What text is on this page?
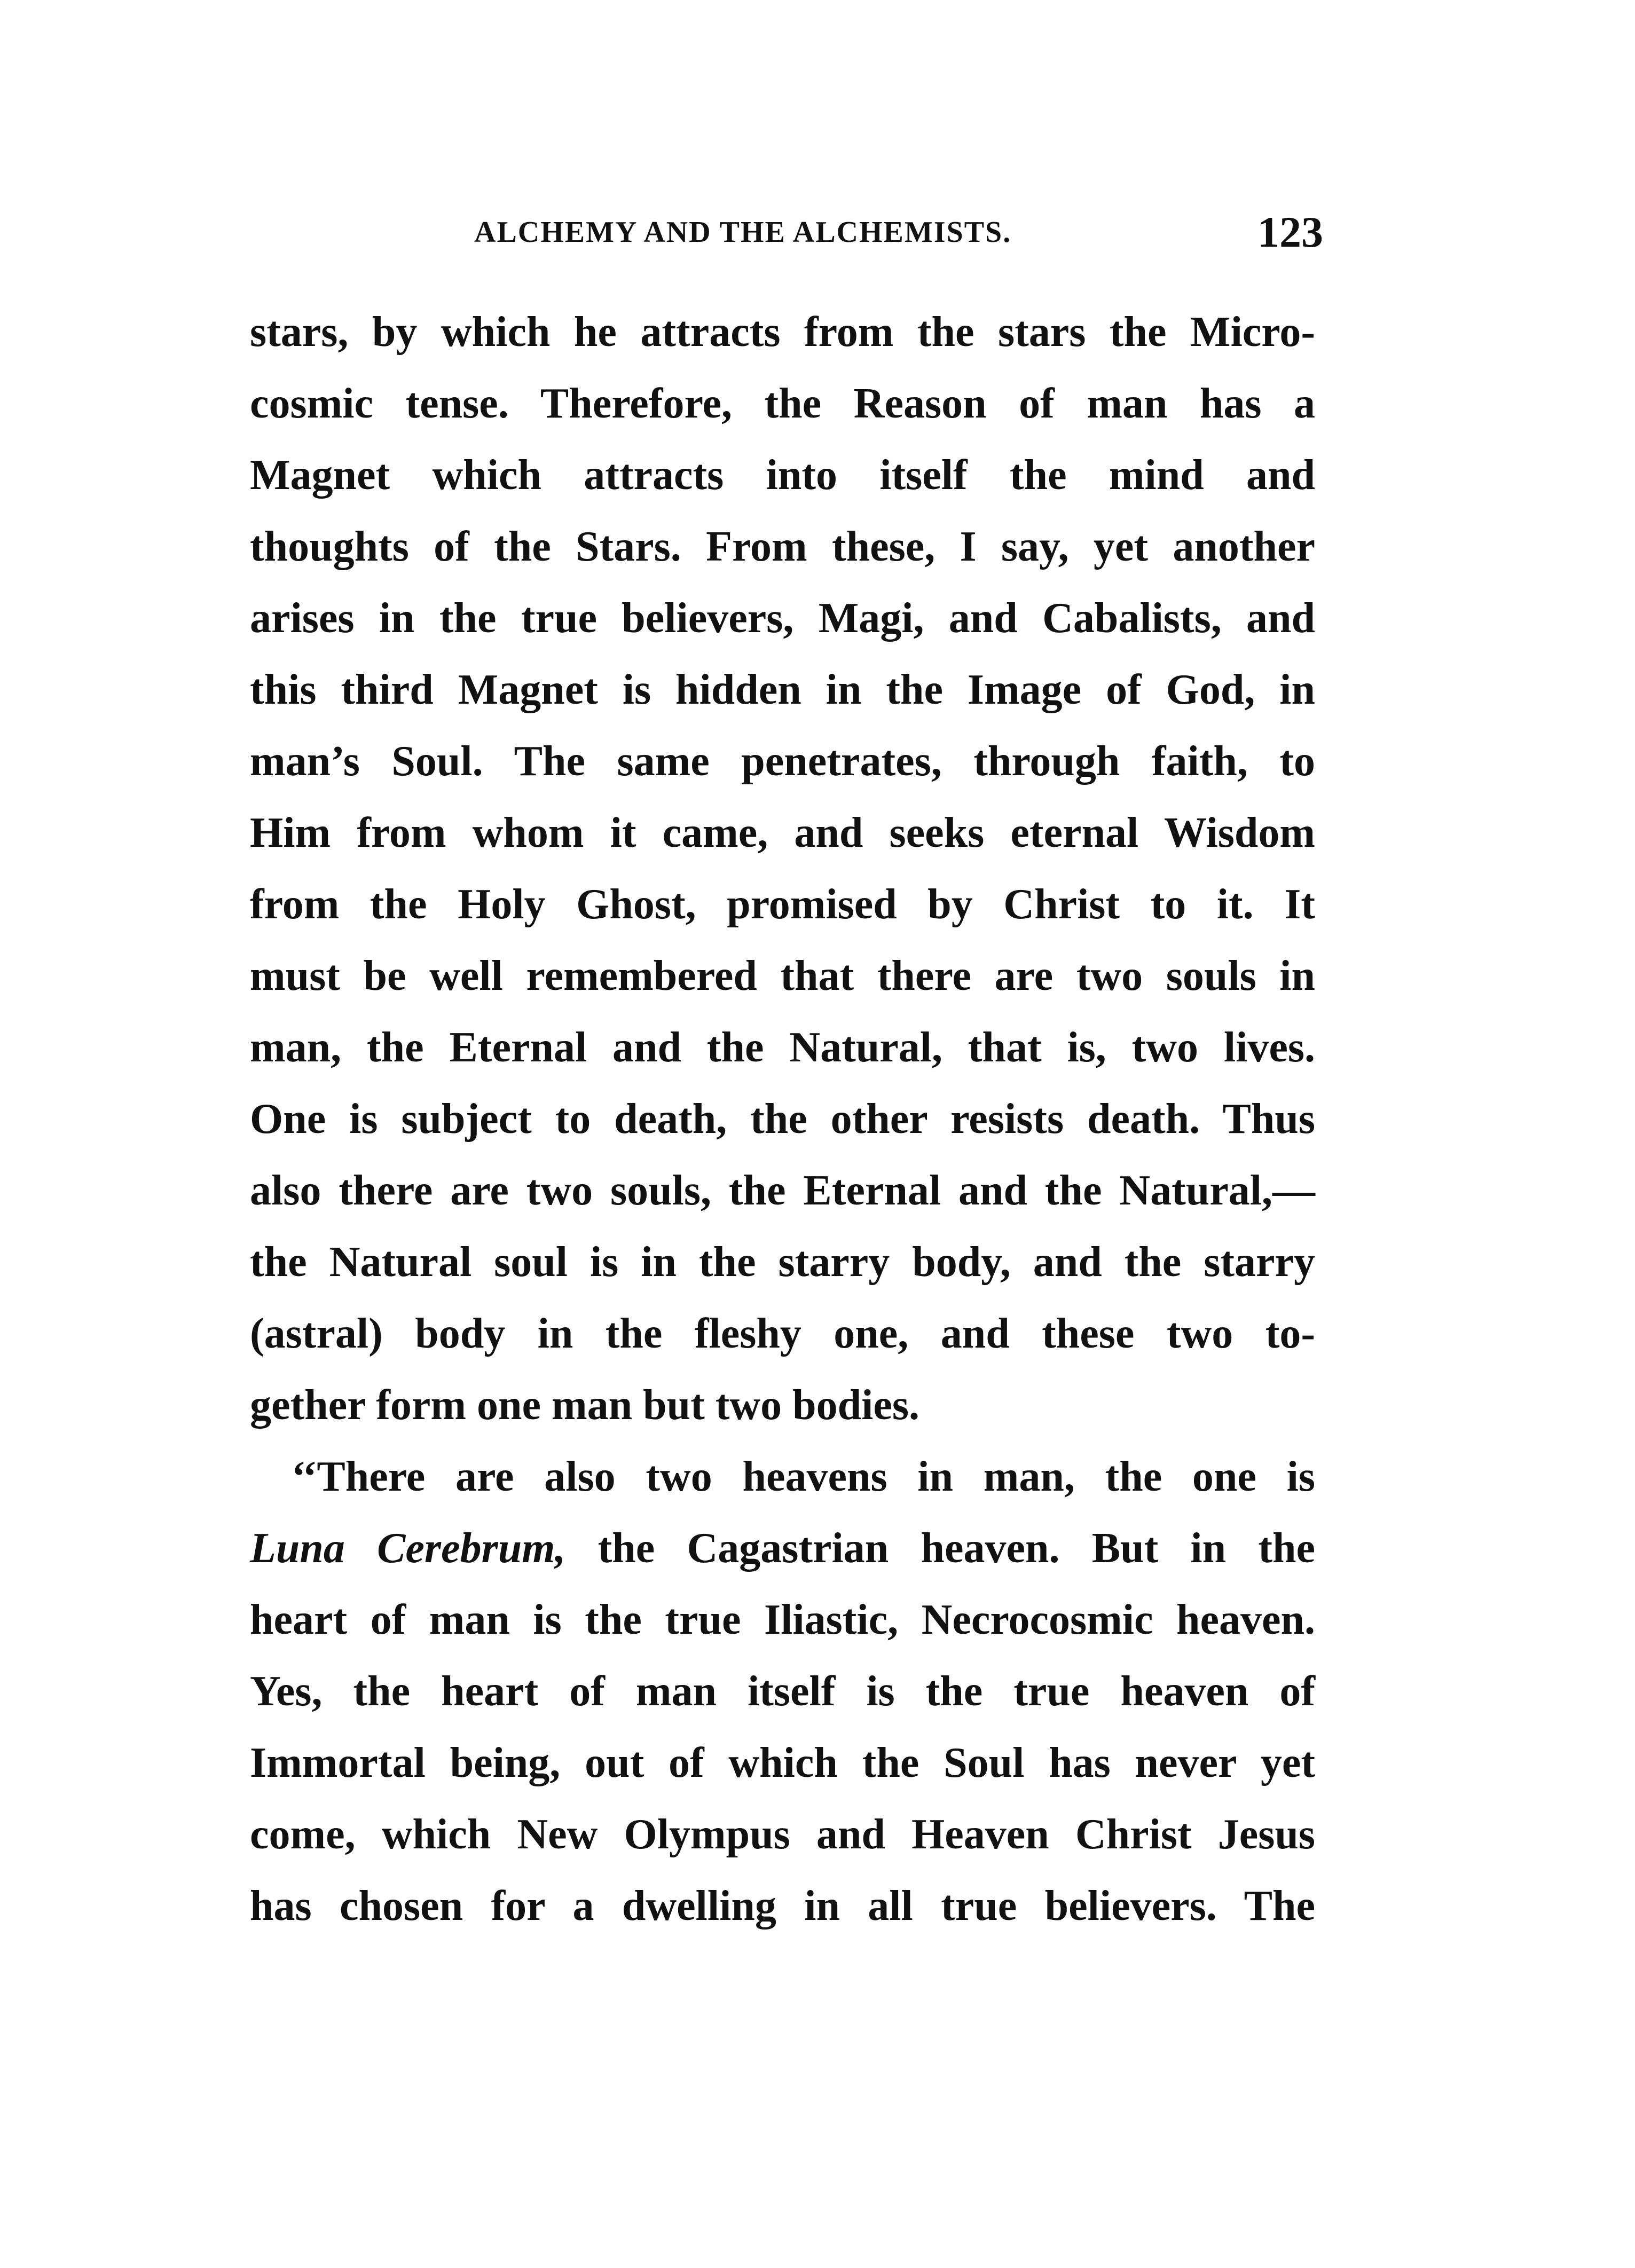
ALCHEMY AND THE ALCHEMISTS.	123
stars, by which he attracts from the stars the Micro-
cosmic tense. Therefore, the Reason of man has a
Magnet which attracts into itself the mind and
thoughts of the Stars. From these, I say, yet another
arises in the true believers, Magi, and Cabalists, and
this third Magnet is hidden in the Image of God, in
man’s Soul. The same penetrates, through faith, to
Him from whom it came, and seeks eternal Wisdom
from the Holy Ghost, promised by Christ to it. It
must be well remembered that there are two souls in
man, the Eternal and the Natural, that is, two lives.
One is subject to death, the other resists death. Thus
also there are two souls, the Eternal and the Natural,—
the Natural soul is in the starry body, and the starry
(astral) body in the fleshy one, and these two to-
gether form one man but two bodies.
‘‘There are also two heavens in man, the one is
Luna Cerebrum, the Cagastrian heaven. But in the
heart of man is the true Iliastic, Necrocosmic heaven.
Yes, the heart of man itself is the true heaven of
Immortal being, out of which the Soul has never yet
come, which New Olympus and Heaven Christ Jesus
has chosen for a dwelling in all true believers. The
